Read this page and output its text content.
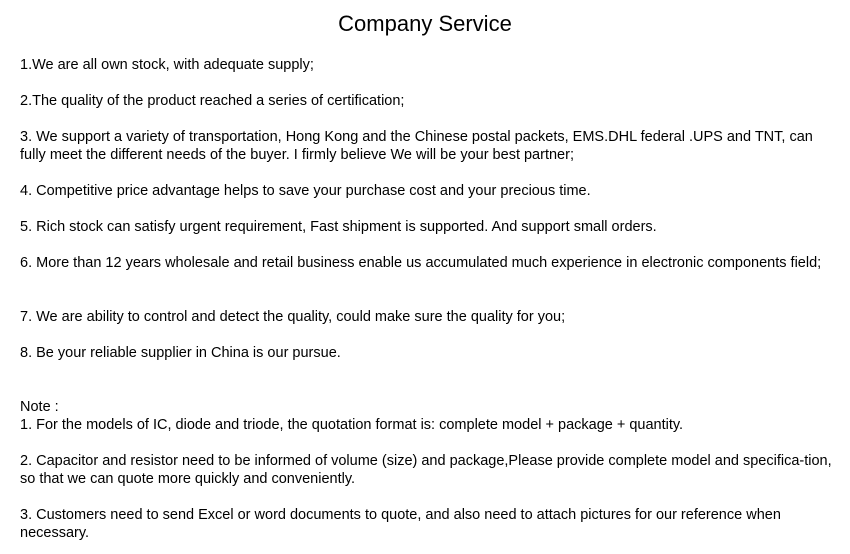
Company Service

1.We are all own stock, with adequate supply;

2.The quality of the product reached a series of certification;

3. We support a variety of transportation, Hong Kong and the Chinese postal packets, EMS.DHL federal .UPS and TNT, can fully meet the different needs of the buyer. I firmly believe We will be your best partner;

4. Competitive price advantage helps to save your purchase cost and your precious time.

5. Rich stock can satisfy urgent requirement, Fast shipment is supported. And support small orders.

6. More than 12 years wholesale and retail business enable us accumulated much experience in electronic components field;

7. We are ability to control and detect the quality, could make sure the quality for you;

8. Be your reliable supplier in China is our pursue.

Note :

1. For the models of IC, diode and triode, the quotation format is: complete model + package + quantity.

2. Capacitor and resistor need to be informed of volume (size) and package,Please provide complete model and specifica-tion, so that we can quote more quickly and conveniently.

3. Customers need to send Excel or word documents to quote, and also need to attach pictures for our reference when necessary.
